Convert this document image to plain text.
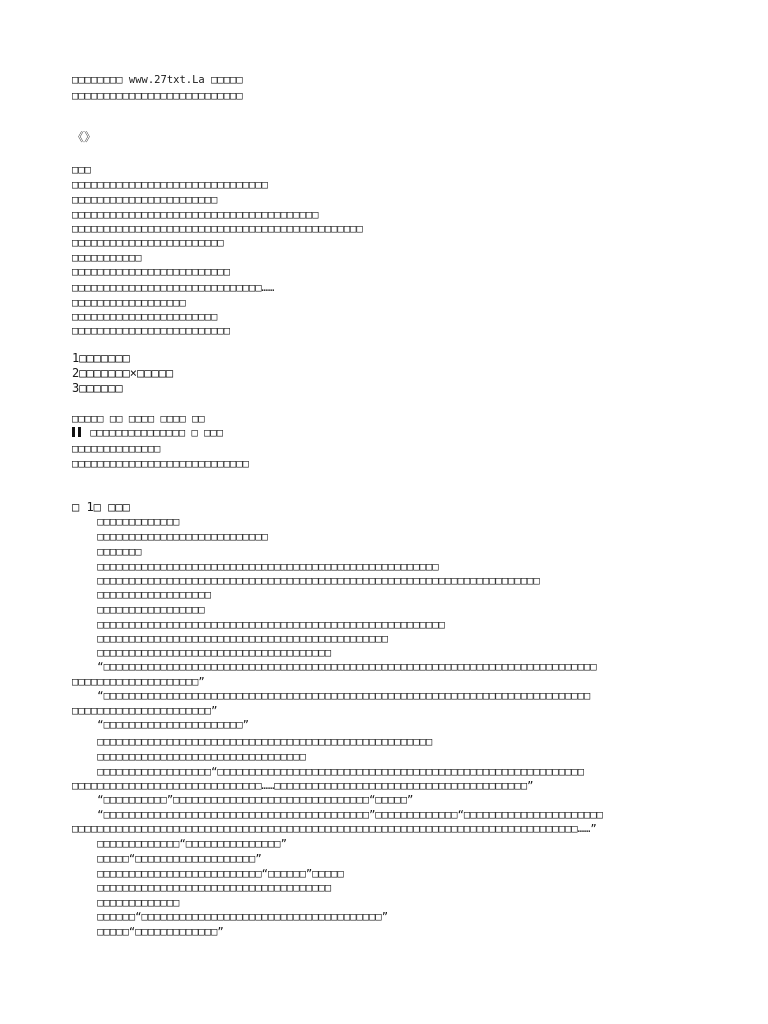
□□□□□□□□ www.27txt.La □□□□□
□□□□□□□□□□□□□□□□□□□□□□□□□□□
《》
□□□
□□□□□□□□□□□□□□□□□□□□□□□□□□□□□□□
□□□□□□□□□□□□□□□□□□□□□□□
□□□□□□□□□□□□□□□□□□□□□□□□□□□□□□□□□□□□□□□
□□□□□□□□□□□□□□□□□□□□□□□□□□□□□□□□□□□□□□□□□□□□□□
□□□□□□□□□□□□□□□□□□□□□□□□
□□□□□□□□□□□
□□□□□□□□□□□□□□□□□□□□□□□□□
□□□□□□□□□□□□□□□□□□□□□□□□□□□□□□……
□□□□□□□□□□□□□□□□□□
□□□□□□□□□□□□□□□□□□□□□□□
□□□□□□□□□□□□□□□□□□□□□□□□□
1□□□□□□□
2□□□□□□□×□□□□□
3□□□□□□
□□□□□ □□ □□□□ □□□□ □□
□□□□□□□□□□□□□□□ □ □□□
□□□□□□□□□□□□□□
□□□□□□□□□□□□□□□□□□□□□□□□□□□□
□ 1□ □□□
□□□□□□□□□□□□□
□□□□□□□□□□□□□□□□□□□□□□□□□□□
□□□□□□□
□□□□□□□□□□□□□□□□□□□□□□□□□□□□□□□□□□□□□□□□□□□□□□□□□□□□□□
□□□□□□□□□□□□□□□□□□□□□□□□□□□□□□□□□□□□□□□□□□□□□□□□□□□□□□□□□□□□□□□□□□□□□□
□□□□□□□□□□□□□□□□□□
□□□□□□□□□□□□□□□□□
□□□□□□□□□□□□□□□□□□□□□□□□□□□□□□□□□□□□□□□□□□□□□□□□□□□□□□□
□□□□□□□□□□□□□□□□□□□□□□□□□□□□□□□□□□□□□□□□□□□□□□
□□□□□□□□□□□□□□□□□□□□□□□□□□□□□□□□□□□□□
“□□□□□□□□□□□□□□□□□□□□□□□□□□□□□□□□□□□□□□□□□□□□□□□□□□□□□□□□□□□□□□□□□□□□□□□□□□□□□□
□□□□□□□□□□□□□□□□□□□□”
“□□□□□□□□□□□□□□□□□□□□□□□□□□□□□□□□□□□□□□□□□□□□□□□□□□□□□□□□□□□□□□□□□□□□□□□□□□□□□
□□□□□□□□□□□□□□□□□□□□□□”
“□□□□□□□□□□□□□□□□□□□□□□”
□□□□□□□□□□□□□□□□□□□□□□□□□□□□□□□□□□□□□□□□□□□□□□□□□□□□□
□□□□□□□□□□□□□□□□□□□□□□□□□□□□□□□□□
□□□□□□□□□□□□□□□□□□“□□□□□□□□□□□□□□□□□□□□□□□□□□□□□□□□□□□□□□□□□□□□□□□□□□□□□□□□□□
□□□□□□□□□□□□□□□□□□□□□□□□□□□□□□……□□□□□□□□□□□□□□□□□□□□□□□□□□□□□□□□□□□□□□□□”
“□□□□□□□□□□”□□□□□□□□□□□□□□□□□□□□□□□□□□□□□□□“□□□□□”
“□□□□□□□□□□□□□□□□□□□□□□□□□□□□□□□□□□□□□□□□□□”□□□□□□□□□□□□□“□□□□□□□□□□□□□□□□□□□□□□
□□□□□□□□□□□□□□□□□□□□□□□□□□□□□□□□□□□□□□□□□□□□□□□□□□□□□□□□□□□□□□□□□□□□□□□□□□□□□□□□……”
□□□□□□□□□□□□□“□□□□□□□□□□□□□□□”
□□□□□“□□□□□□□□□□□□□□□□□□□”
□□□□□□□□□□□□□□□□□□□□□□□□□□“□□□□□□”□□□□□
□□□□□□□□□□□□□□□□□□□□□□□□□□□□□□□□□□□□□
□□□□□□□□□□□□□
□□□□□□“□□□□□□□□□□□□□□□□□□□□□□□□□□□□□□□□□□□□□□”
□□□□□“□□□□□□□□□□□□□”
